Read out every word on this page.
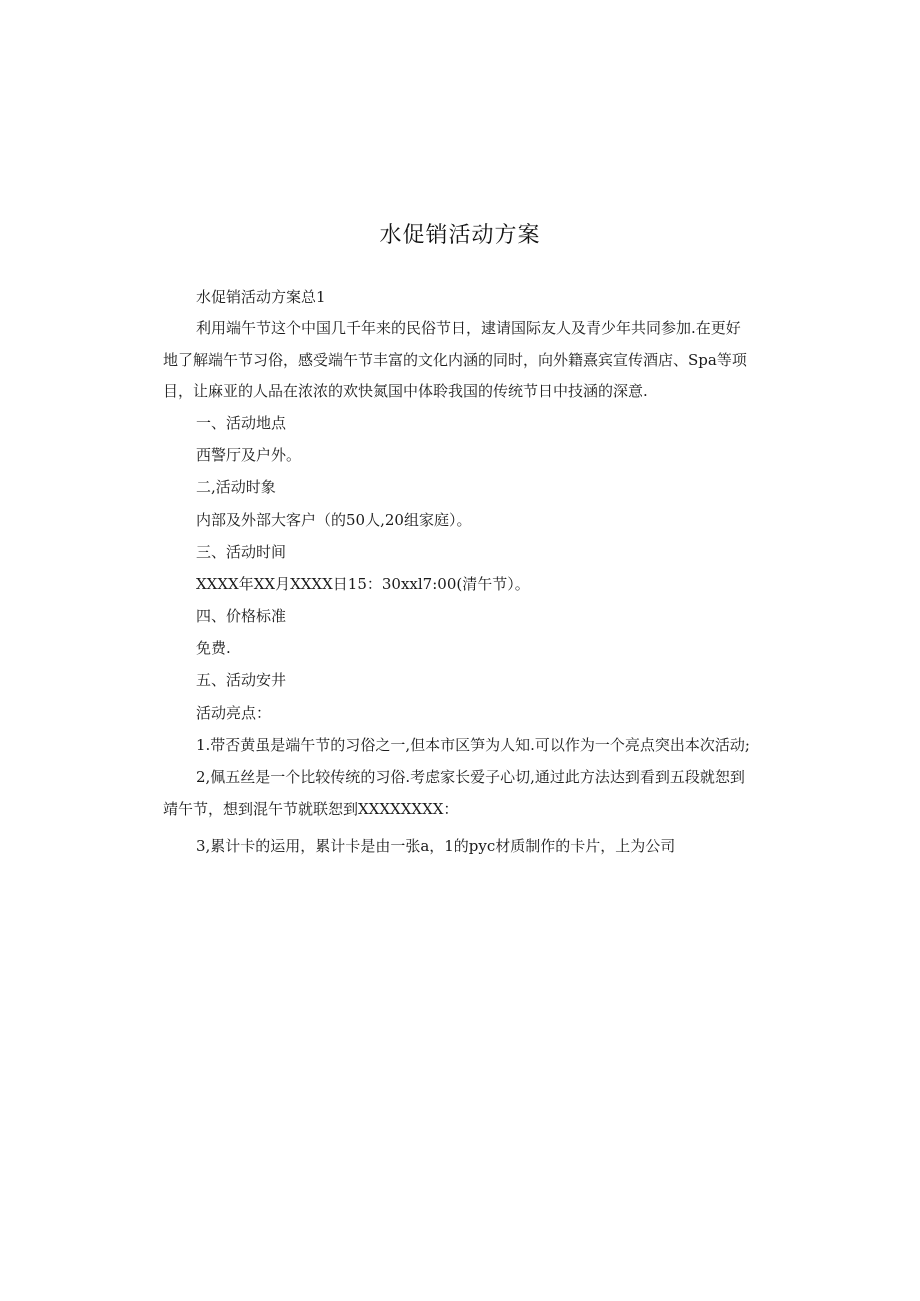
水促销活动方案
水促销活动方案总1
利用端午节这个中国几千年来的民俗节日，逮请国际友人及青少年共同参加.在更好
地了解端午节习俗，感受端午节丰富的文化内涵的同时，向外籍熹宾宣传酒店、Spa等项
目，让麻亚的人品在浓浓的欢快氮国中体聆我国的传统节日中技涵的深意.
一、活动地点
西警厅及户外。
二,活动时象
内部及外部大客户（的50人,20组家庭）。
三、活动时间
XXXX年XX月XXXX日15：30xxl7:00(清午节）。
四、价格标准
免费.
五、活动安井
活动亮点：
1.带否黄虽是端午节的习俗之一,但本市区笋为人知.可以作为一个亮点突出本次活动;
2,佩五丝是一个比较传统的习俗.考虑家长爱子心切,通过此方法达到看到五段就恕到
靖午节，想到混午节就联恕到XXXXXXXX：
3,累计卡的运用，累计卡是由一张a，1的pyc材质制作的卡片，上为公司
